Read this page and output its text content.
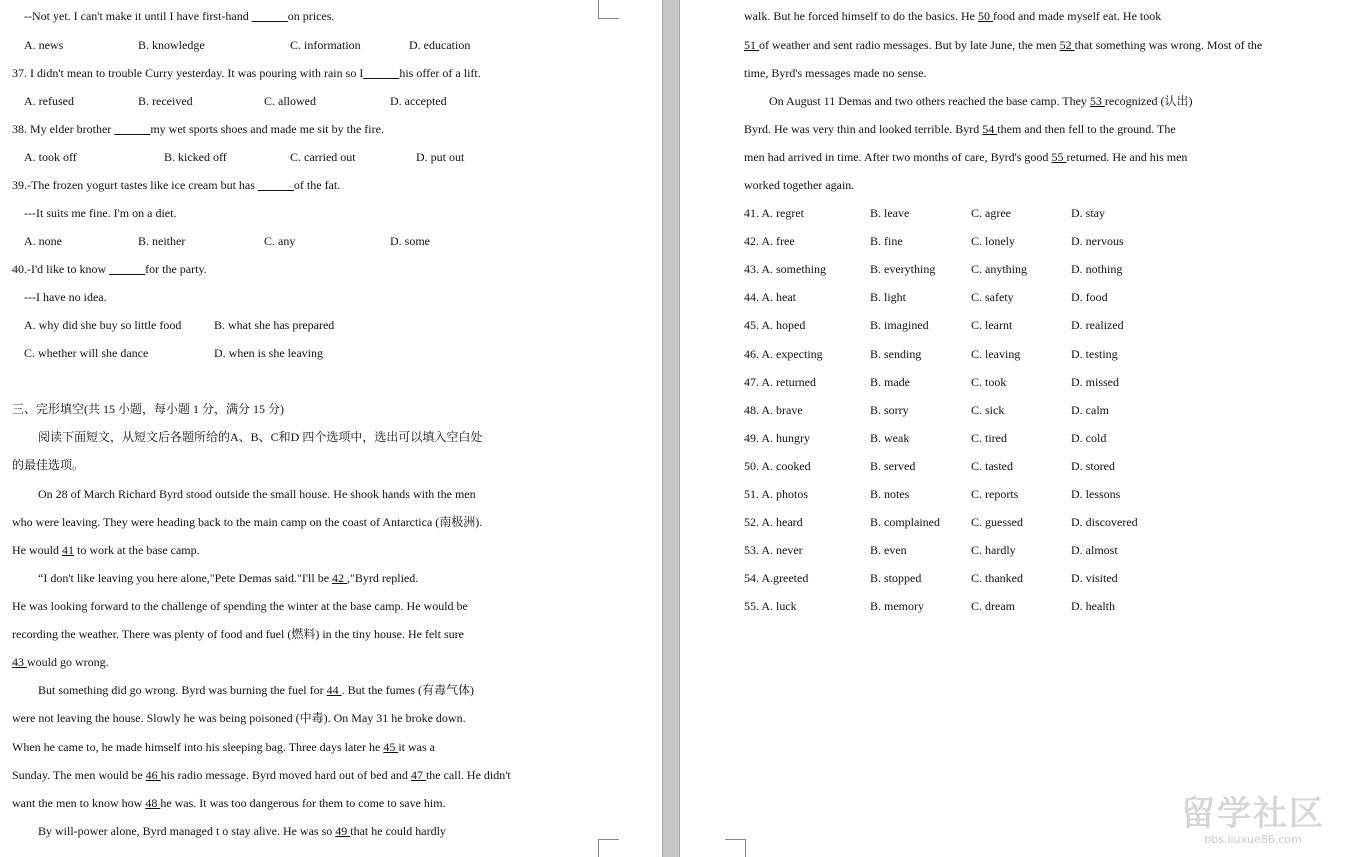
--Not yet. I can't make it until I have first-hand ______on prices.
A. news	B. knowledge	C. information	D. education
37. I didn't mean to trouble Curry yesterday. It was pouring with rain so I______his offer of a lift.
A. refused	B. received	C. allowed	D. accepted
38. My elder brother ______my wet sports shoes and made me sit by the fire.
A. took off	B. kicked off	C. carried out	D. put out
39.-The frozen yogurt tastes like ice cream but has ______of the fat.
---It suits me fine. I'm on a diet.
A. none	B. neither	C. any	D. some
40.-I'd like to know ______for the party.
---I have no idea.
A. why did she buy so little food	B. what she has prepared
C. whether will she dance	D. when is she leaving
三、完形填空(共 15 小题，每小题 1 分，满分 15 分)
阅读下面短文，从短文后各题所给的A、B、C和D 四个选项中，选出可以填入空白处
的最佳选项。
On 28 of March Richard Byrd stood outside the small house. He shook hands with the men
who were leaving. They were heading back to the main camp on the coast of Antarctica (南极洲).
He would 41 to work at the base camp.
“I don't like leaving you here alone,"Pete Demas said."I'll be 42 ,"Byrd replied.
He was looking forward to the challenge of spending the winter at the base camp. He would be
recording the weather. There was plenty of food and fuel (燃料) in the tiny house. He felt sure
43 would go wrong.
But something did go wrong. Byrd was burning the fuel for 44 . But the fumes (有毒气体)
were not leaving the house. Slowly he was being poisoned (中毒). On May 31 he broke down.
When he came to, he made himself into his sleeping bag. Three days later he 45 it was a
Sunday. The men would be 46 his radio message. Byrd moved hard out of bed and 47 the call. He didn't
want the men to know how 48 he was. It was too dangerous for them to come to save him.
By will-power alone, Byrd managed t o stay alive. He was so 49 that he could hardly
walk. But he forced himself to do the basics. He 50 food and made myself eat. He took
51 of weather and sent radio messages. But by late June, the men 52 that something was wrong. Most of the
time, Byrd's messages made no sense.
On August 11 Demas and two others reached the base camp. They 53 recognized (认出)
Byrd. He was very thin and looked terrible. Byrd 54 them and then fell to the ground. The
men had arrived in time. After two months of care, Byrd's good 55 returned. He and his men
worked together again.
41. A. regret	B. leave	C. agree	D. stay
42. A. free	B. fine	C. lonely	D. nervous
43. A. something	B. everything	C. anything	D. nothing
44. A. heat	B. light	C. safety	D. food
45. A. hoped	B. imagined	C. learnt	D. realized
46. A. expecting	B. sending	C. leaving	D. testing
47. A. returned	B. made	C. took	D. missed
48. A. brave	B. sorry	C. sick	D. calm
49. A. hungry	B. weak	C. tired	D. cold
50. A. cooked	B. served	C. tasted	D. stored
51. A. photos	B. notes	C. reports	D. lessons
52. A. heard	B. complained	C. guessed	D. discovered
53. A. never	B. even	C. hardly	D. almost
54. A.greeted	B. stopped	C. thanked	D. visited
55. A. luck	B. memory	C. dream	D. health
留学社区
bbs.liuxue86.com
